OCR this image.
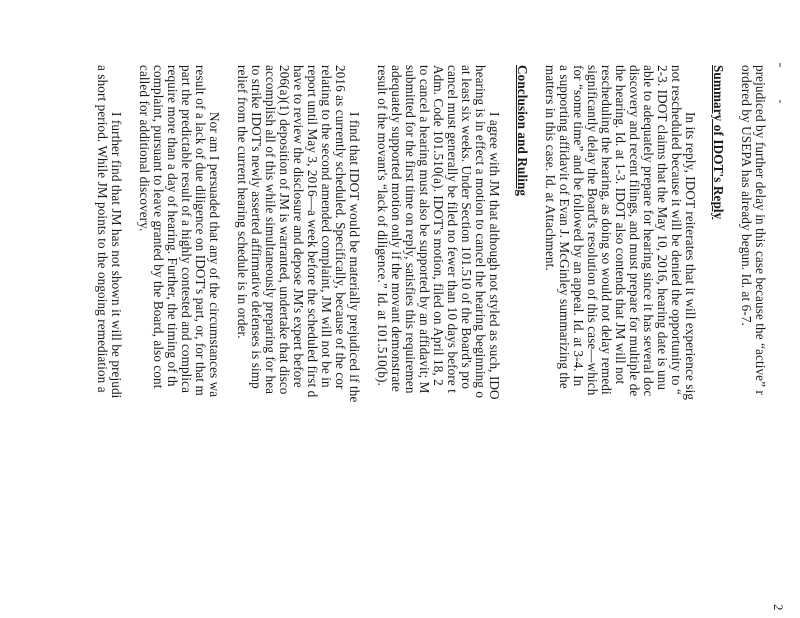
2
prejudiced by further delay in this case because the “active” r
ordered by USEPA has already begun. Id. at 6-7.
Summary of IDOT's Reply
In its reply, IDOT reiterates that it will experience sig
not rescheduled because it will be denied the opportunity to “
2-3. IDOT claims that the May 10, 2016, hearing date is unu
able to adequately prepare for hearing since it has several doc
discovery and recent filings, and must prepare for multiple de
the hearing. Id. at 1-3. IDOT also contends that JM will not
rescheduling the hearing, as doing so would not delay remedi
significantly delay the Board's resolution of this case—which
for “some time” and be followed by an appeal. Id. at 3-4. In
a supporting affidavit of Evan J. McGinley summarizing the
matters in this case. Id. at Attachment.
Conclusion and Ruling
I agree with JM that although not styled as such, IDO
hearing is in effect a motion to cancel the hearing beginning o
at least six weeks. Under Section 101.510 of the Board's pro
cancel must generally be filed no fewer than 10 days before t
Adm. Code 101.510(a). IDOT's motion, filed on April 18, 2
to cancel a hearing must also be supported by an affidavit; M
submitted for the first time on reply, satisfies this requiremen
adequately supported motion only if the movant demonstrate
result of the movant's “lack of diligence.” Id. at 101.510(b).
I find that IDOT would be materially prejudiced if the
2016 as currently scheduled. Specifically, because of the cor
relating to the second amended complaint, JM will not be in
report until May 3, 2016—a week before the scheduled first d
have to review the disclosure and depose JM's expert before
206(a)(1) deposition of JM is warranted, undertake that disco
accomplish all of this while simultaneously preparing for hea
to strike IDOT's newly asserted affirmative defenses is simp
relief from the current hearing schedule is in order.
Nor am I persuaded that any of the circumstances wa
result of a lack of due diligence on IDOT's part, or, for that m
part the predictable result of a highly contested and complica
require more than a day of hearing. Further, the timing of th
complaint, pursuant to leave granted by the Board, also cont
called for additional discovery.
I further find that JM has not shown it will be prejudi
a short period. While JM points to the ongoing remediation a
